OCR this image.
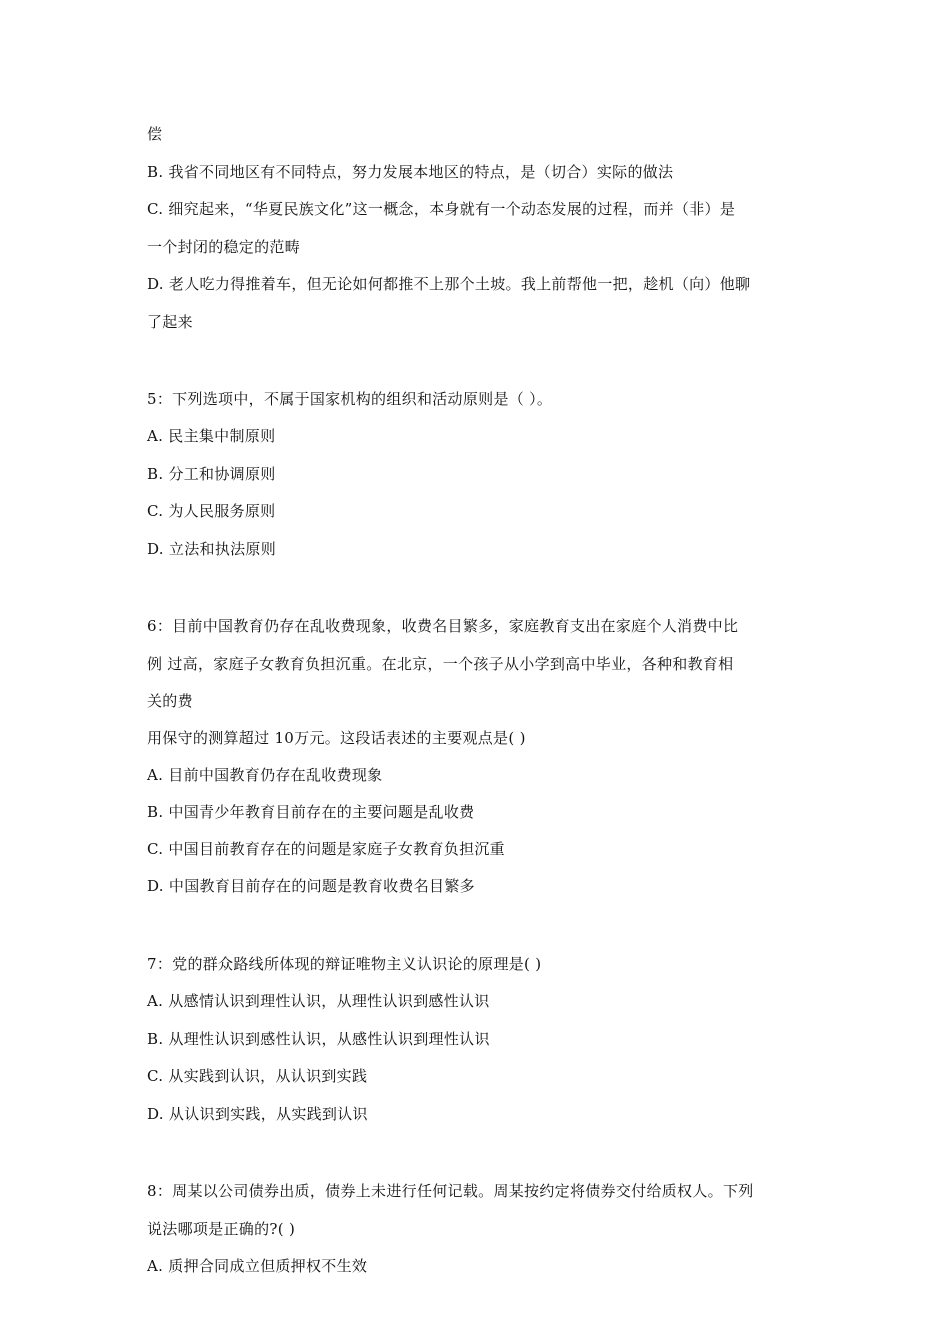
偿
B. 我省不同地区有不同特点，努力发展本地区的特点，是（切合）实际的做法
C. 细究起来，“华夏民族文化”这一概念，本身就有一个动态发展的过程，而并（非）是
一个封闭的稳定的范畴
D. 老人吃力得推着车，但无论如何都推不上那个土坡。我上前帮他一把，趁机（向）他聊
了起来
5：下列选项中，不属于国家机构的组织和活动原则是（ ）。
A. 民主集中制原则
B. 分工和协调原则
C. 为人民服务原则
D. 立法和执法原则
6：目前中国教育仍存在乱收费现象，收费名目繁多，家庭教育支出在家庭个人消费中比
例 过高，家庭子女教育负担沉重。在北京，一个孩子从小学到高中毕业，各种和教育相
关的费
用保守的测算超过 10万元。这段话表述的主要观点是( )
A. 目前中国教育仍存在乱收费现象
B. 中国青少年教育目前存在的主要问题是乱收费
C. 中国目前教育存在的问题是家庭子女教育负担沉重
D. 中国教育目前存在的问题是教育收费名目繁多
7：党的群众路线所体现的辩证唯物主义认识论的原理是( )
A. 从感情认识到理性认识，从理性认识到感性认识
B. 从理性认识到感性认识，从感性认识到理性认识
C. 从实践到认识，从认识到实践
D. 从认识到实践，从实践到认识
8：周某以公司债券出质，债券上未进行任何记载。周某按约定将债券交付给质权人。下列
说法哪项是正确的?( )
A. 质押合同成立但质押权不生效
